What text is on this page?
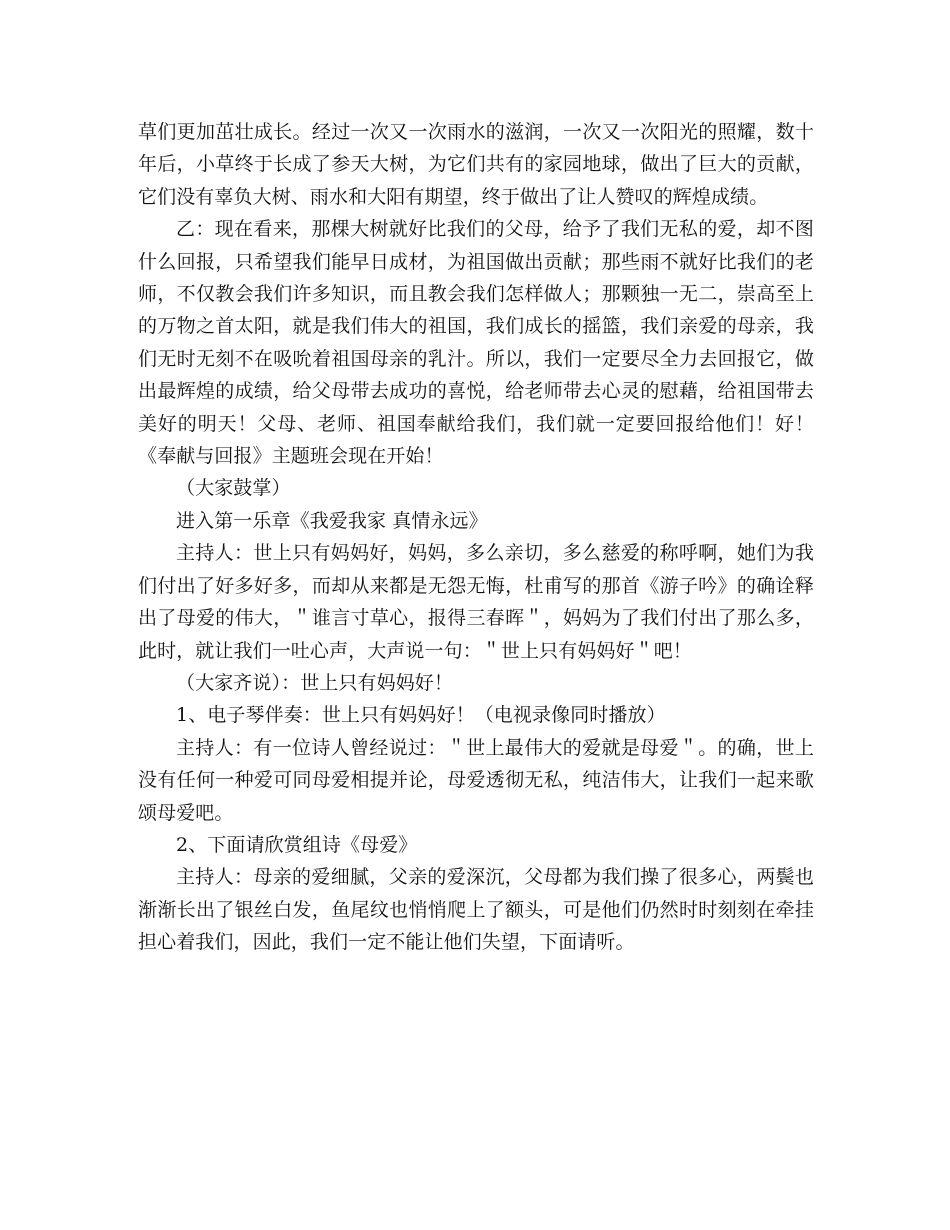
草们更加茁壮成长。经过一次又一次雨水的滋润，一次又一次阳光的照耀，数十年后，小草终于长成了参天大树，为它们共有的家园地球，做出了巨大的贡献，它们没有辜负大树、雨水和大阳有期望，终于做出了让人赞叹的辉煌成绩。

乙：现在看来，那棵大树就好比我们的父母，给予了我们无私的爱，却不图什么回报，只希望我们能早日成材，为祖国做出贡献；那些雨不就好比我们的老师，不仅教会我们许多知识，而且教会我们怎样做人；那颗独一无二，崇高至上的万物之首太阳，就是我们伟大的祖国，我们成长的摇篮，我们亲爱的母亲，我们无时无刻不在吸吮着祖国母亲的乳汁。所以，我们一定要尽全力去回报它，做出最辉煌的成绩，给父母带去成功的喜悦，给老师带去心灵的慰藉，给祖国带去美好的明天！父母、老师、祖国奉献给我们，我们就一定要回报给他们！好！《奉献与回报》主题班会现在开始！

（大家鼓掌）

进入第一乐章《我爱我家 真情永远》

主持人：世上只有妈妈好，妈妈，多么亲切，多么慈爱的称呼啊，她们为我们付出了好多好多，而却从来都是无怨无悔，杜甫写的那首《游子吟》的确诠释出了母爱的伟大，＂谁言寸草心，报得三春晖＂，妈妈为了我们付出了那么多，此时，就让我们一吐心声，大声说一句：＂世上只有妈妈好＂吧！

（大家齐说）：世上只有妈妈好！

1、电子琴伴奏：世上只有妈妈好！（电视录像同时播放）

主持人：有一位诗人曾经说过：＂世上最伟大的爱就是母爱＂。的确，世上没有任何一种爱可同母爱相提并论，母爱透彻无私，纯洁伟大，让我们一起来歌颂母爱吧。

2、下面请欣赏组诗《母爱》

主持人：母亲的爱细腻，父亲的爱深沉，父母都为我们操了很多心，两鬓也渐渐长出了银丝白发，鱼尾纹也悄悄爬上了额头，可是他们仍然时时刻刻在牵挂担心着我们，因此，我们一定不能让他们失望，下面请听。
